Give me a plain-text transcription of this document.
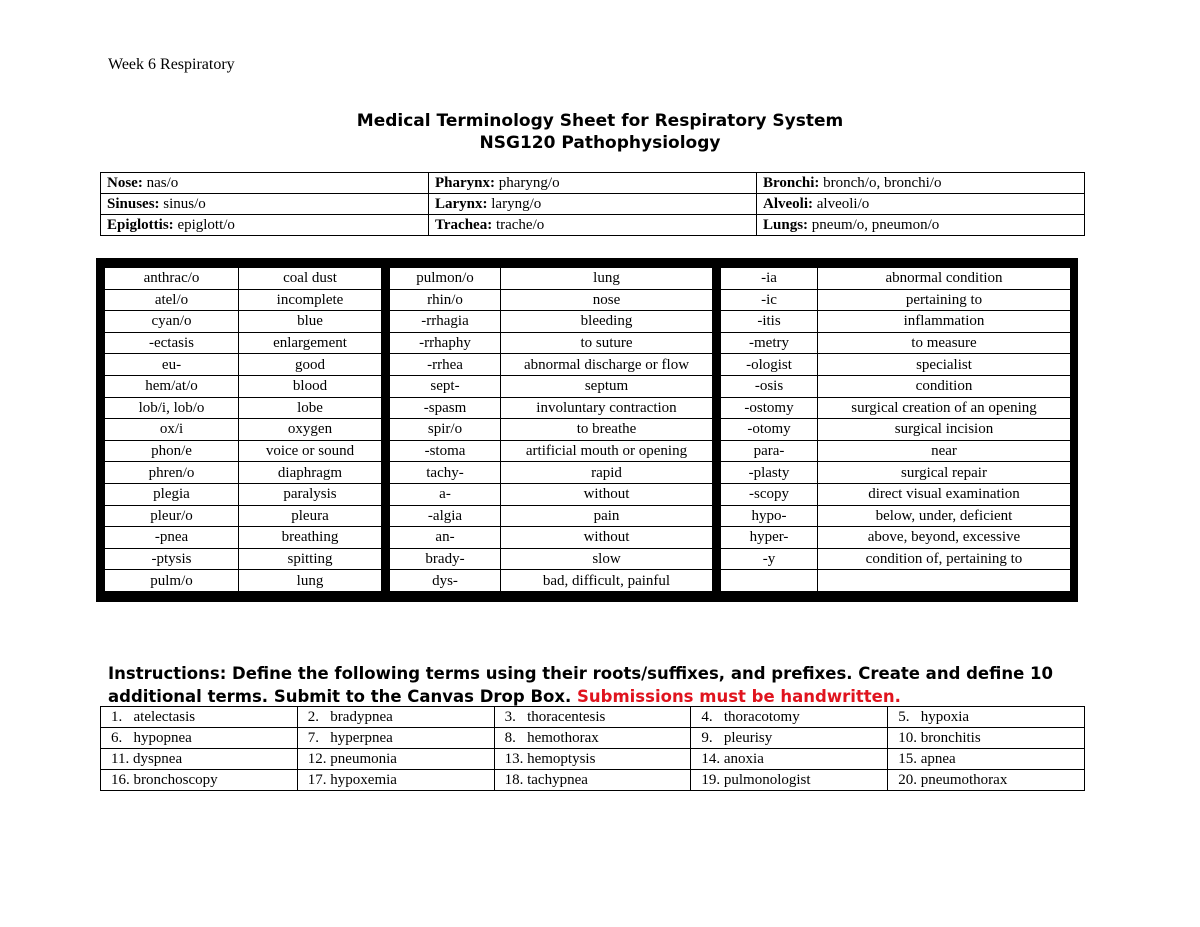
Week 6 Respiratory
Medical Terminology Sheet for Respiratory System
NSG120 Pathophysiology
Nose: nas/o	Pharynx: pharyng/o	Bronchi: bronch/o, bronchi/o
Sinuses: sinus/o	Larynx: laryng/o	Alveoli: alveoli/o
Epiglottis: epiglott/o	Trachea: trache/o	Lungs: pneum/o, pneumon/o
anthrac/o	coal dust		pulmon/o	lung		-ia	abnormal condition
atel/o	incomplete		rhin/o	nose		-ic	pertaining to
cyan/o	blue		-rrhagia	bleeding		-itis	inflammation
-ectasis	enlargement		-rrhaphy	to suture		-metry	to measure
eu-	good		-rrhea	abnormal discharge or flow		-ologist	specialist
hem/at/o	blood		sept-	septum		-osis	condition
lob/i, lob/o	lobe		-spasm	involuntary contraction		-ostomy	surgical creation of an opening
ox/i	oxygen		spir/o	to breathe		-otomy	surgical incision
phon/e	voice or sound		-stoma	artificial mouth or opening		para-	near
phren/o	diaphragm		tachy-	rapid		-plasty	surgical repair
plegia	paralysis		a-	without		-scopy	direct visual examination
pleur/o	pleura		-algia	pain		hypo-	below, under, deficient
-pnea	breathing		an-	without		hyper-	above, beyond, excessive
-ptysis	spitting		brady-	slow		-y	condition of, pertaining to
pulm/o	lung		dys-	bad, difficult, painful			
Instructions: Define the following terms using their roots/suffixes, and prefixes. Create and define 10 additional terms. Submit to the Canvas Drop Box. Submissions must be handwritten.
1.   atelectasis	2.   bradypnea	3.   thoracentesis	4.   thoracotomy	5.   hypoxia
6.   hypopnea	7.   hyperpnea	8.   hemothorax	9.   pleurisy	10. bronchitis
11. dyspnea	12. pneumonia	13. hemoptysis	14. anoxia	15. apnea
16. bronchoscopy	17. hypoxemia	18. tachypnea	19. pulmonologist	20. pneumothorax
